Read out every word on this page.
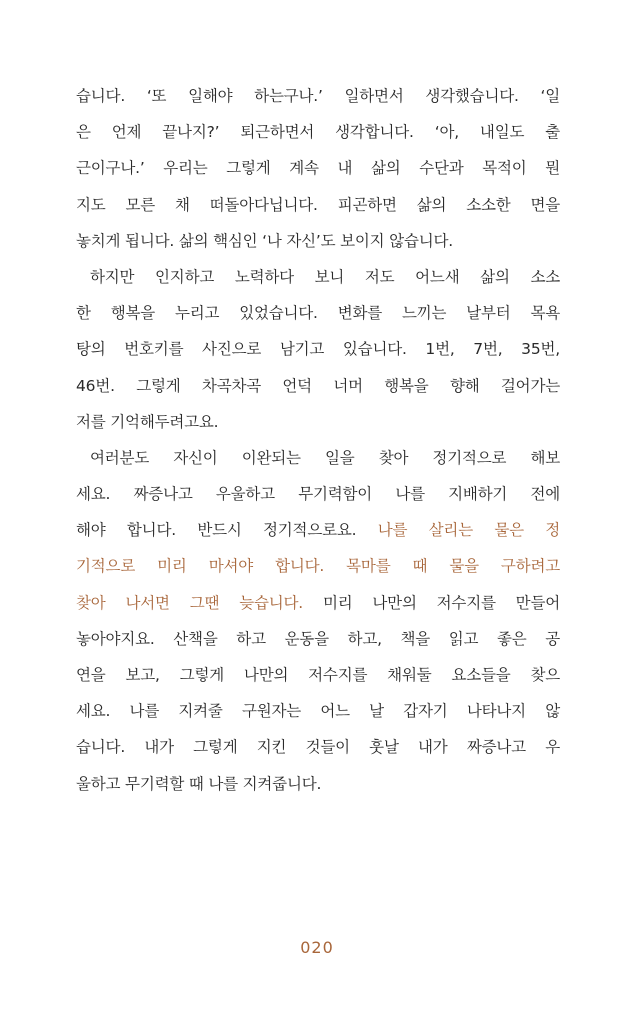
습니다. ‘또 일해야 하는구나.’ 일하면서 생각했습니다. ‘일
은 언제 끝나지?’ 퇴근하면서 생각합니다. ‘아, 내일도 출
근이구나.’ 우리는 그렇게 계속 내 삶의 수단과 목적이 뭔
지도 모른 채 떠돌아다닙니다. 피곤하면 삶의 소소한 면을
놓치게 됩니다. 삶의 핵심인 ‘나 자신’도 보이지 않습니다.
하지만 인지하고 노력하다 보니 저도 어느새 삶의 소소
한 행복을 누리고 있었습니다. 변화를 느끼는 날부터 목욕
탕의 번호키를 사진으로 남기고 있습니다. 1번, 7번, 35번,
46번. 그렇게 차곡차곡 언덕 너머 행복을 향해 걸어가는
저를 기억해두려고요.
여러분도 자신이 이완되는 일을 찾아 정기적으로 해보
세요. 짜증나고 우울하고 무기력함이 나를 지배하기 전에
해야 합니다. 반드시 정기적으로요. 나를 살리는 물은 정
기적으로 미리 마셔야 합니다. 목마를 때 물을 구하려고
찾아 나서면 그땐 늦습니다. 미리 나만의 저수지를 만들어
놓아야지요. 산책을 하고 운동을 하고, 책을 읽고 좋은 공
연을 보고, 그렇게 나만의 저수지를 채워둘 요소들을 찾으
세요. 나를 지켜줄 구원자는 어느 날 갑자기 나타나지 않
습니다. 내가 그렇게 지킨 것들이 훗날 내가 짜증나고 우
울하고 무기력할 때 나를 지켜줍니다.
020
